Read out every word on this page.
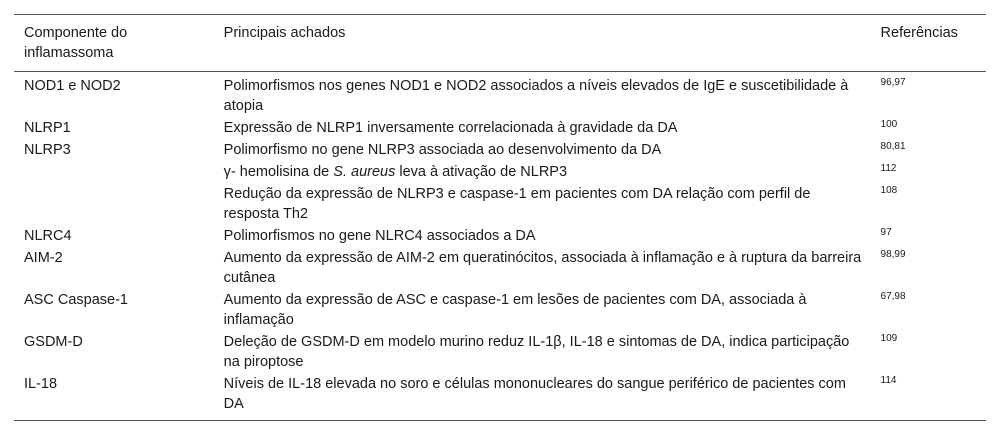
Componente do inflamassoma	Principais achados	Referências
NOD1 e NOD2	Polimorfismos nos genes NOD1 e NOD2 associados a níveis elevados de IgE e suscetibilidade à atopia	$^{96,97}$
NLRP1	Expressão de NLRP1 inversamente correlacionada à gravidade da DA	$^{100}$
NLRP3	Polimorfismo no gene NLRP3 associada ao desenvolvimento da DA	$^{80,81}$
	γ- hemolisina de S. aureus leva à ativação de NLRP3	$^{112}$
	Redução da expressão de NLRP3 e caspase-1 em pacientes com DA relação com perfil de resposta Th2	$^{108}$
NLRC4	Polimorfismos no gene NLRC4 associados a DA	$^{97}$
AIM-2	Aumento da expressão de AIM-2 em queratinócitos, associada à inflamação e à ruptura da barreira cutânea	$^{98,99}$
ASC Caspase-1	Aumento da expressão de ASC e caspase-1 em lesões de pacientes com DA, associada à inflamação	$^{67,98}$
GSDM-D	Deleção de GSDM-D em modelo murino reduz IL-1β, IL-18 e sintomas de DA, indica participação na piroptose	$^{109}$
IL-18	Níveis de IL-18 elevada no soro e células mononucleares do sangue periférico de pacientes com DA	$^{114}$
